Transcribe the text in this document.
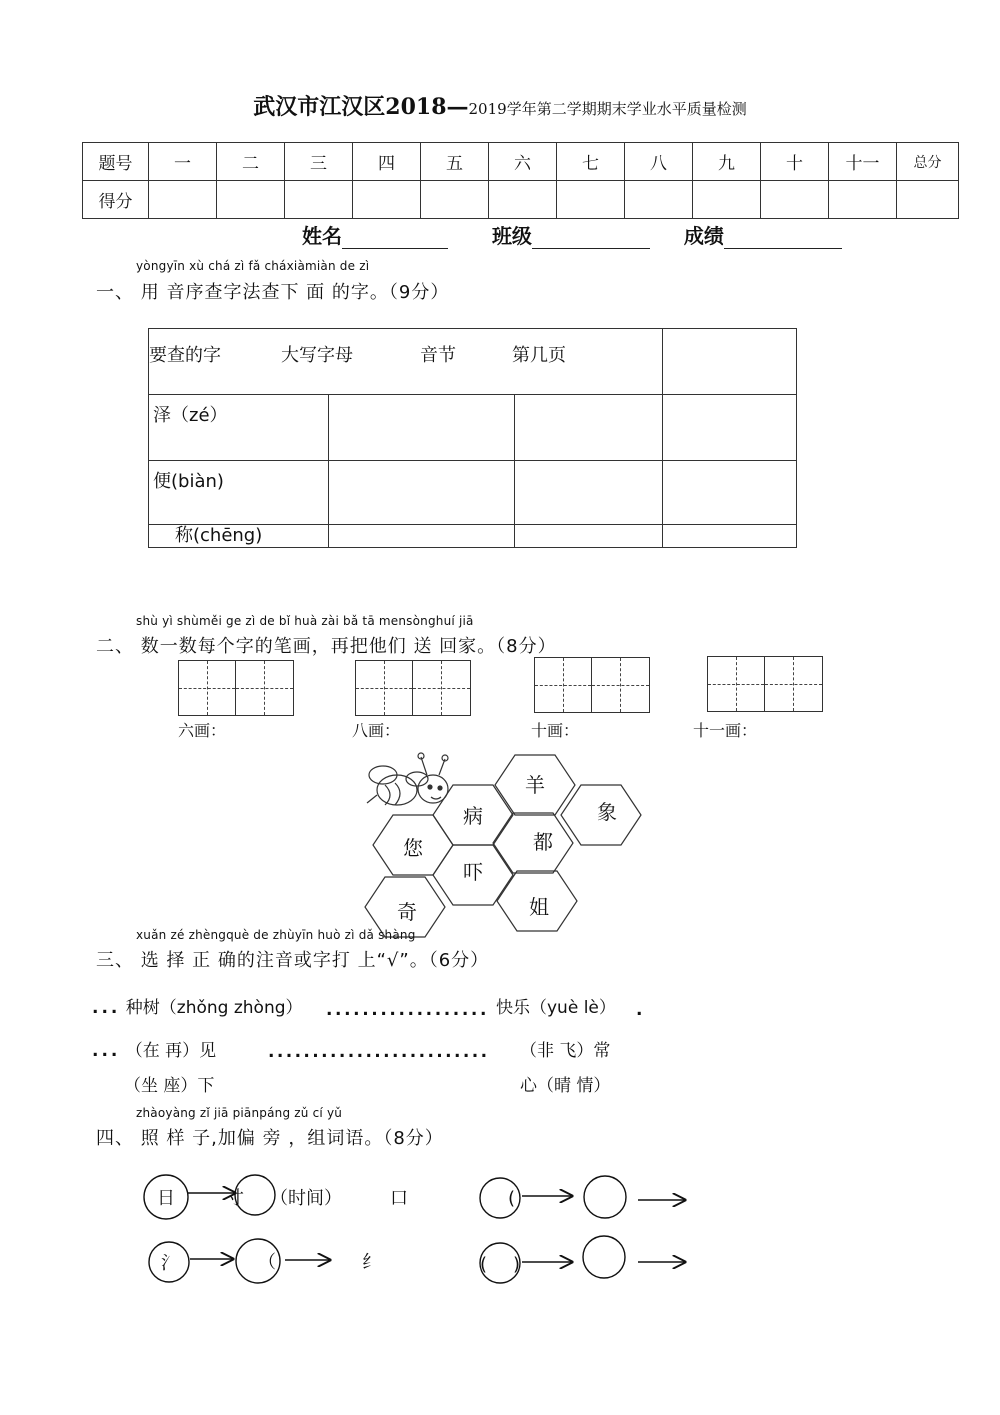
武汉市江汉区2018—2019学年第二学期期末学业水平质量检测
题号	一	二	三	四	五	六	七	八	九	十	十一	总分
得分												
姓名	班级	成绩
yòngyīn xù chá zì fǎ cháxiàmiàn de zì
一、 用 音序查字法查下 面 的字。（9分）
要查的字 大写字母 音节 第几页			
泽（zé）			
便(biàn)			
称(chēng)			
shù yì shùměi ge zì de bǐ huà zài bǎ tā mensònghuí jiā
二、 数一数每个字的笔画，再把他们 送 回家。（8分）
六画：	八画：	十画：	十一画：
羊
病	象
您	都
吓
奇	姐
xuǎn zé zhèngquè de zhùyīn huò zì dǎ shàng
三、 选 择 正 确的注音或字打 上“√”。（6分）
... 种树（zhǒng zhòng） .................. 快乐（yuè lè） .
... （在 再）见	......................... （非 飞）常
（坐 座）下	心（晴 情）
zhàoyàng zǐ jiā piānpáng zǔ cí yǔ
四、 照 样 子,加偏 旁 ，组词语。（8分）
日	寸 （时间）	口	(
氵	（	纟	( )
